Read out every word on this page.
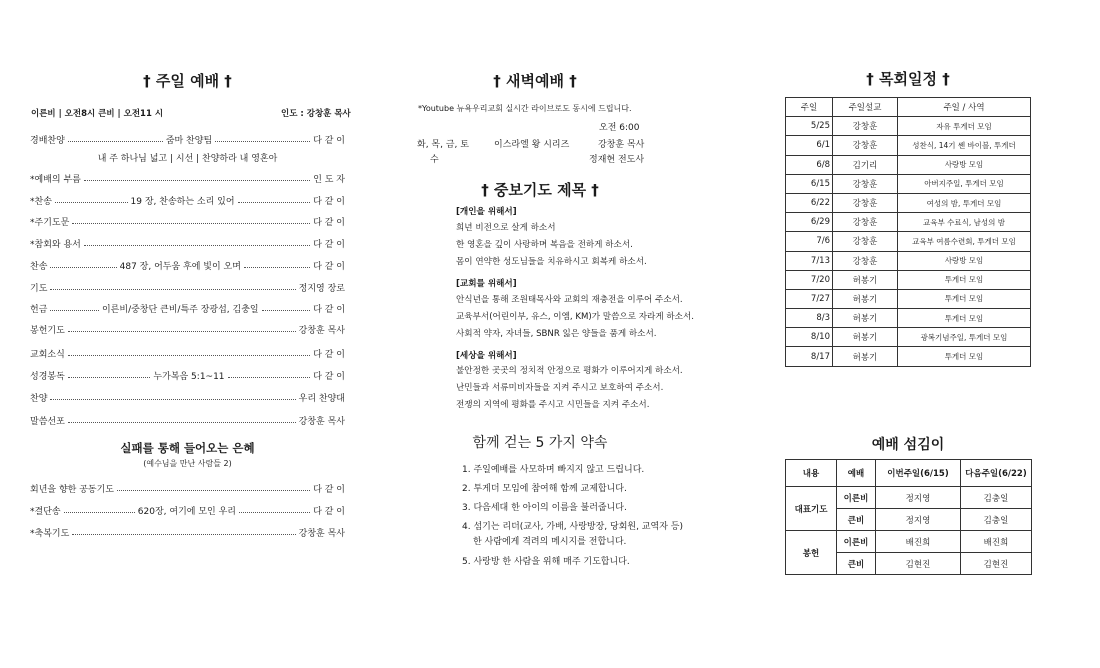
† 주일 예배 †
이른비 | 오전8시 큰비 | 오전11 시	인도 : 강창훈 목사
경배찬양	줌마 찬양팀	다 같 이
*예배의 부름	인 도 자
*찬송	19 장, 찬송하는 소리 있어	다 같 이
*주기도문	다 같 이
*참회와 용서	다 같 이
찬송	487 장, 어두움 후에 빛이 오며	다 같 이
기도	정지영 장로
헌금	이른비/중창단 큰비/특주 장광섭, 김충일	다 같 이
봉헌기도	강창훈 목사
교회소식	다 같 이
성경봉독	누가복음 5:1~11	다 같 이
찬양	우리 찬양대
말씀선포	강창훈 목사
내 주 하나님 넓고 | 시선 | 찬양하라 내 영혼아
실패를 통해 들어오는 은혜
(예수님을 만난 사람들 2)
회년을 향한 공동기도	다 같 이
*결단송	620장, 여기에 모인 우리	다 같 이
*축복기도	강창훈 목사
† 새벽예배 †
*Youtube 뉴욕우리교회 실시간 라이브로도 동시에 드립니다.
오전 6:00
화, 목, 금, 토
수
이스라엘 왕 시리즈	강창훈 목사
정재현 전도사
† 중보기도 제목 †
[개인을 위해서]
희년 비전으로 살게 하소서
한 영혼을 깊이 사랑하며 복음을 전하게 하소서.
몸이 연약한 성도님들을 치유하시고 회복케 하소서.
[교회를 위해서]
안식년을 통해 조원태목사와 교회의 재충전을 이루어 주소서.
교육부서(어린이부, 유스, 이엠, KM)가 말씀으로 자라게 하소서.
사회적 약자, 자녀들, SBNR 잃은 양들을 품게 하소서.
[세상을 위해서]
불안정한 곳곳의 정치적 안정으로 평화가 이루어지게 하소서.
난민들과 서류미비자들을 지켜 주시고 보호하여 주소서.
전쟁의 지역에 평화를 주시고 시민들을 지켜 주소서.
함께 걷는 5 가지 약속
1. 주일예배를 사모하며 빠지지 않고 드립니다.
2. 투게더 모임에 참여해 함께 교제합니다.
3. 다음세대 한 아이의 이름을 불러줍니다.
4. 섬기는 리더(교사, 가배, 사랑방장, 당회원, 교역자 등)
한 사람에게 격려의 메시지를 전합니다.
5. 사랑방 한 사람을 위해 매주 기도합니다.
† 목회일정 †
주일	주일설교	주일 / 사역
5/25	강창훈	자유 투게더 모임
6/1	강창훈	성찬식, 14기 쎈 바이블, 투게더
6/8	김기리	사랑방 모임
6/15	강창훈	아버지주일, 투게더 모임
6/22	강창훈	여성의 밤, 투게더 모임
6/29	강창훈	교육부 수료식, 남성의 밤
7/6	강창훈	교육부 여름수련회, 투게더 모임
7/13	강창훈	사랑방 모임
7/20	허봉기	투게더 모임
7/27	허봉기	투게더 모임
8/3	허봉기	투게더 모임
8/10	허봉기	광복기념주일, 투게더 모임
8/17	허봉기	투게더 모임
예배 섬김이
내용	예배	이번주일(6/15)	다음주일(6/22)
대표기도	이른비	정지영	김충일
	큰비	정지영	김충일
봉헌	이른비	배진희	배진희
	큰비	김현진	김현진
